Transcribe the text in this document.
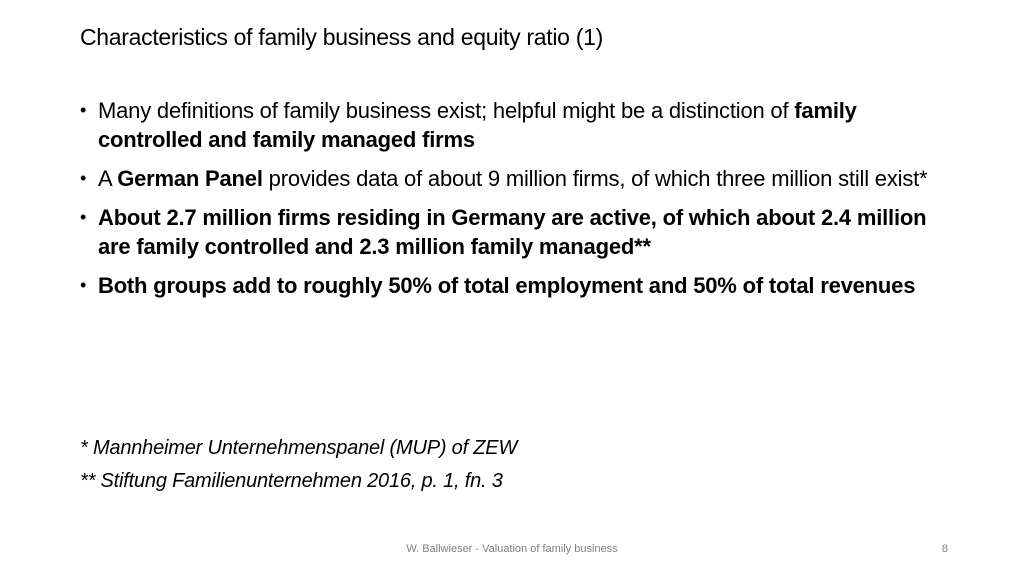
Characteristics of family business and equity ratio (1)
• Many definitions of family business exist; helpful might be a distinction of family controlled and family managed firms
• A German Panel provides data of about 9 million firms, of which three million still exist*
• About 2.7 million firms residing in Germany are active, of which about 2.4 million are family controlled and 2.3 million family managed**
• Both groups add to roughly 50% of total employment and 50% of total revenues
* Mannheimer Unternehmenspanel (MUP) of ZEW
** Stiftung Familienunternehmen 2016, p. 1, fn. 3
W. Ballwieser - Valuation of family business	8
